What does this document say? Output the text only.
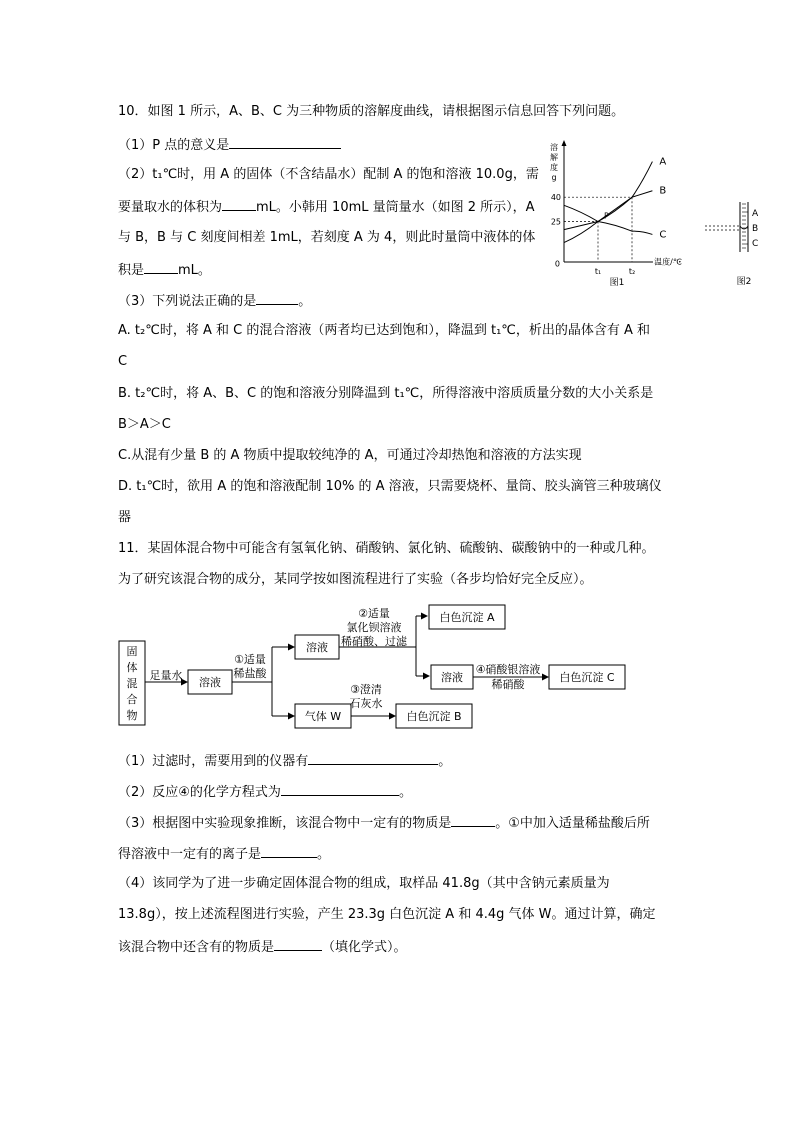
10．如图 1 所示，A、B、C 为三种物质的溶解度曲线，请根据图示信息回答下列问题。
（1）P 点的意义是
（2）t₁℃时，用 A 的固体（不含结晶水）配制 A 的饱和溶液 10.0g，需
要量取水的体积为	mL。小韩用 10mL 量筒量水（如图 2 所示），A
与 B，B 与 C 刻度间相差 1mL，若刻度 A 为 4，则此时量筒中液体的体
积是	mL。
（3）下列说法正确的是	。
A. t₂℃时，将 A 和 C 的混合溶液（两者均已达到饱和），降温到 t₁℃，析出的晶体含有 A 和
C
B. t₂℃时，将 A、B、C 的饱和溶液分别降温到 t₁℃，所得溶液中溶质质量分数的大小关系是
B＞A＞C
C.从混有少量 B 的 A 物质中提取较纯净的 A，可通过冷却热饱和溶液的方法实现
D. t₁℃时，欲用 A 的饱和溶液配制 10% 的 A 溶液，只需要烧杯、量筒、胶头滴管三种玻璃仪
器
溶
解
度
g
0
A
B
C
P
25
40
t₁	t₂
温度/℃
图1
A
B
C
图2
11．某固体混合物中可能含有氢氧化钠、硝酸钠、氯化钠、硫酸钠、碳酸钠中的一种或几种。
为了研究该混合物的成分，某同学按如图流程进行了实验（各步均恰好完全反应）。
固
体
混
合
物
足量水
溶液
①适量
稀盐酸
溶液
②适量
氯化钡溶液
稀硝酸、过滤
白色沉淀 A
溶液
④硝酸银溶液
稀硝酸
白色沉淀 C
气体 W
③澄清
石灰水
白色沉淀 B
（1）过滤时，需要用到的仪器有	。
（2）反应④的化学方程式为	。
（3）根据图中实验现象推断，该混合物中一定有的物质是	。①中加入适量稀盐酸后所
得溶液中一定有的离子是	。
（4）该同学为了进一步确定固体混合物的组成，取样品 41.8g（其中含钠元素质量为
13.8g），按上述流程图进行实验，产生 23.3g 白色沉淀 A 和 4.4g 气体 W。通过计算，确定
该混合物中还含有的物质是	（填化学式）。
